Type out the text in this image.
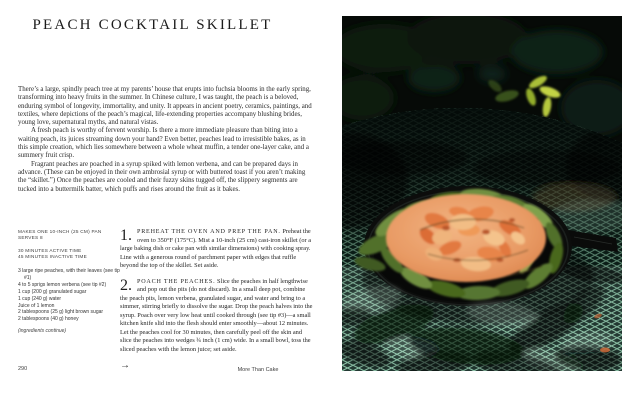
PEACH COCKTAIL SKILLET

There’s a large, spindly peach tree at my parents’ house that erupts into fuchsia blooms in the early spring, transforming into heavy fruits in the summer. In Chinese culture, I was taught, the peach is a beloved, enduring symbol of longevity, immortality, and unity. It appears in ancient poetry, ceramics, paintings, and textiles, where depictions of the peach’s magical, life-extending properties accompany blushing brides, young love, supernatural myths, and natural vistas.

A fresh peach is worthy of fervent worship. Is there a more immediate pleasure than biting into a waiting peach, its juices streaming down your hand? Even better, peaches lead to irresistible bakes, as in this simple creation, which lies somewhere between a whole wheat muffin, a tender one-layer cake, and a summery fruit crisp.

Fragrant peaches are poached in a syrup spiked with lemon verbena, and can be prepared days in advance. (These can be enjoyed in their own ambrosial syrup or with buttered toast if you aren’t making the “skillet.”) Once the peaches are cooled and their fuzzy skins tugged off, the slippery segments are tucked into a buttermilk batter, which puffs and rises around the fruit as it bakes.

MAKES ONE 10-INCH (25 CM) PAN
SERVES 8
30 MINUTES ACTIVE TIME
45 MINUTES INACTIVE TIME
3 large ripe peaches, with their leaves (see tip #1)
4 to 5 sprigs lemon verbena (see tip #2)
1 cup (200 g) granulated sugar
1 cup (240 g) water
Juice of 1 lemon
2 tablespoons (25 g) light brown sugar
2 tablespoons (40 g) honey
(ingredients continue)

1. PREHEAT THE OVEN AND PREP THE PAN. Preheat the oven to 350°F (175°C). Mist a 10-inch (25 cm) cast-iron skillet (or a large baking dish or cake pan with similar dimensions) with cooking spray. Line with a generous round of parchment paper with edges that ruffle beyond the top of the skillet. Set aside.

2. POACH THE PEACHES. Slice the peaches in half lengthwise and pop out the pits (do not discard). In a small deep pot, combine the peach pits, lemon verbena, granulated sugar, and water and bring to a simmer, stirring briefly to dissolve the sugar. Drop the peach halves into the syrup. Poach over very low heat until cooked through (see tip #3)—a small kitchen knife slid into the flesh should enter smoothly—about 12 minutes. Let the peaches cool for 30 minutes, then carefully peel off the skin and slice the peaches into wedges ¾ inch (1 cm) wide. In a small bowl, toss the sliced peaches with the lemon juice; set aside.

→
290	More Than Cake
